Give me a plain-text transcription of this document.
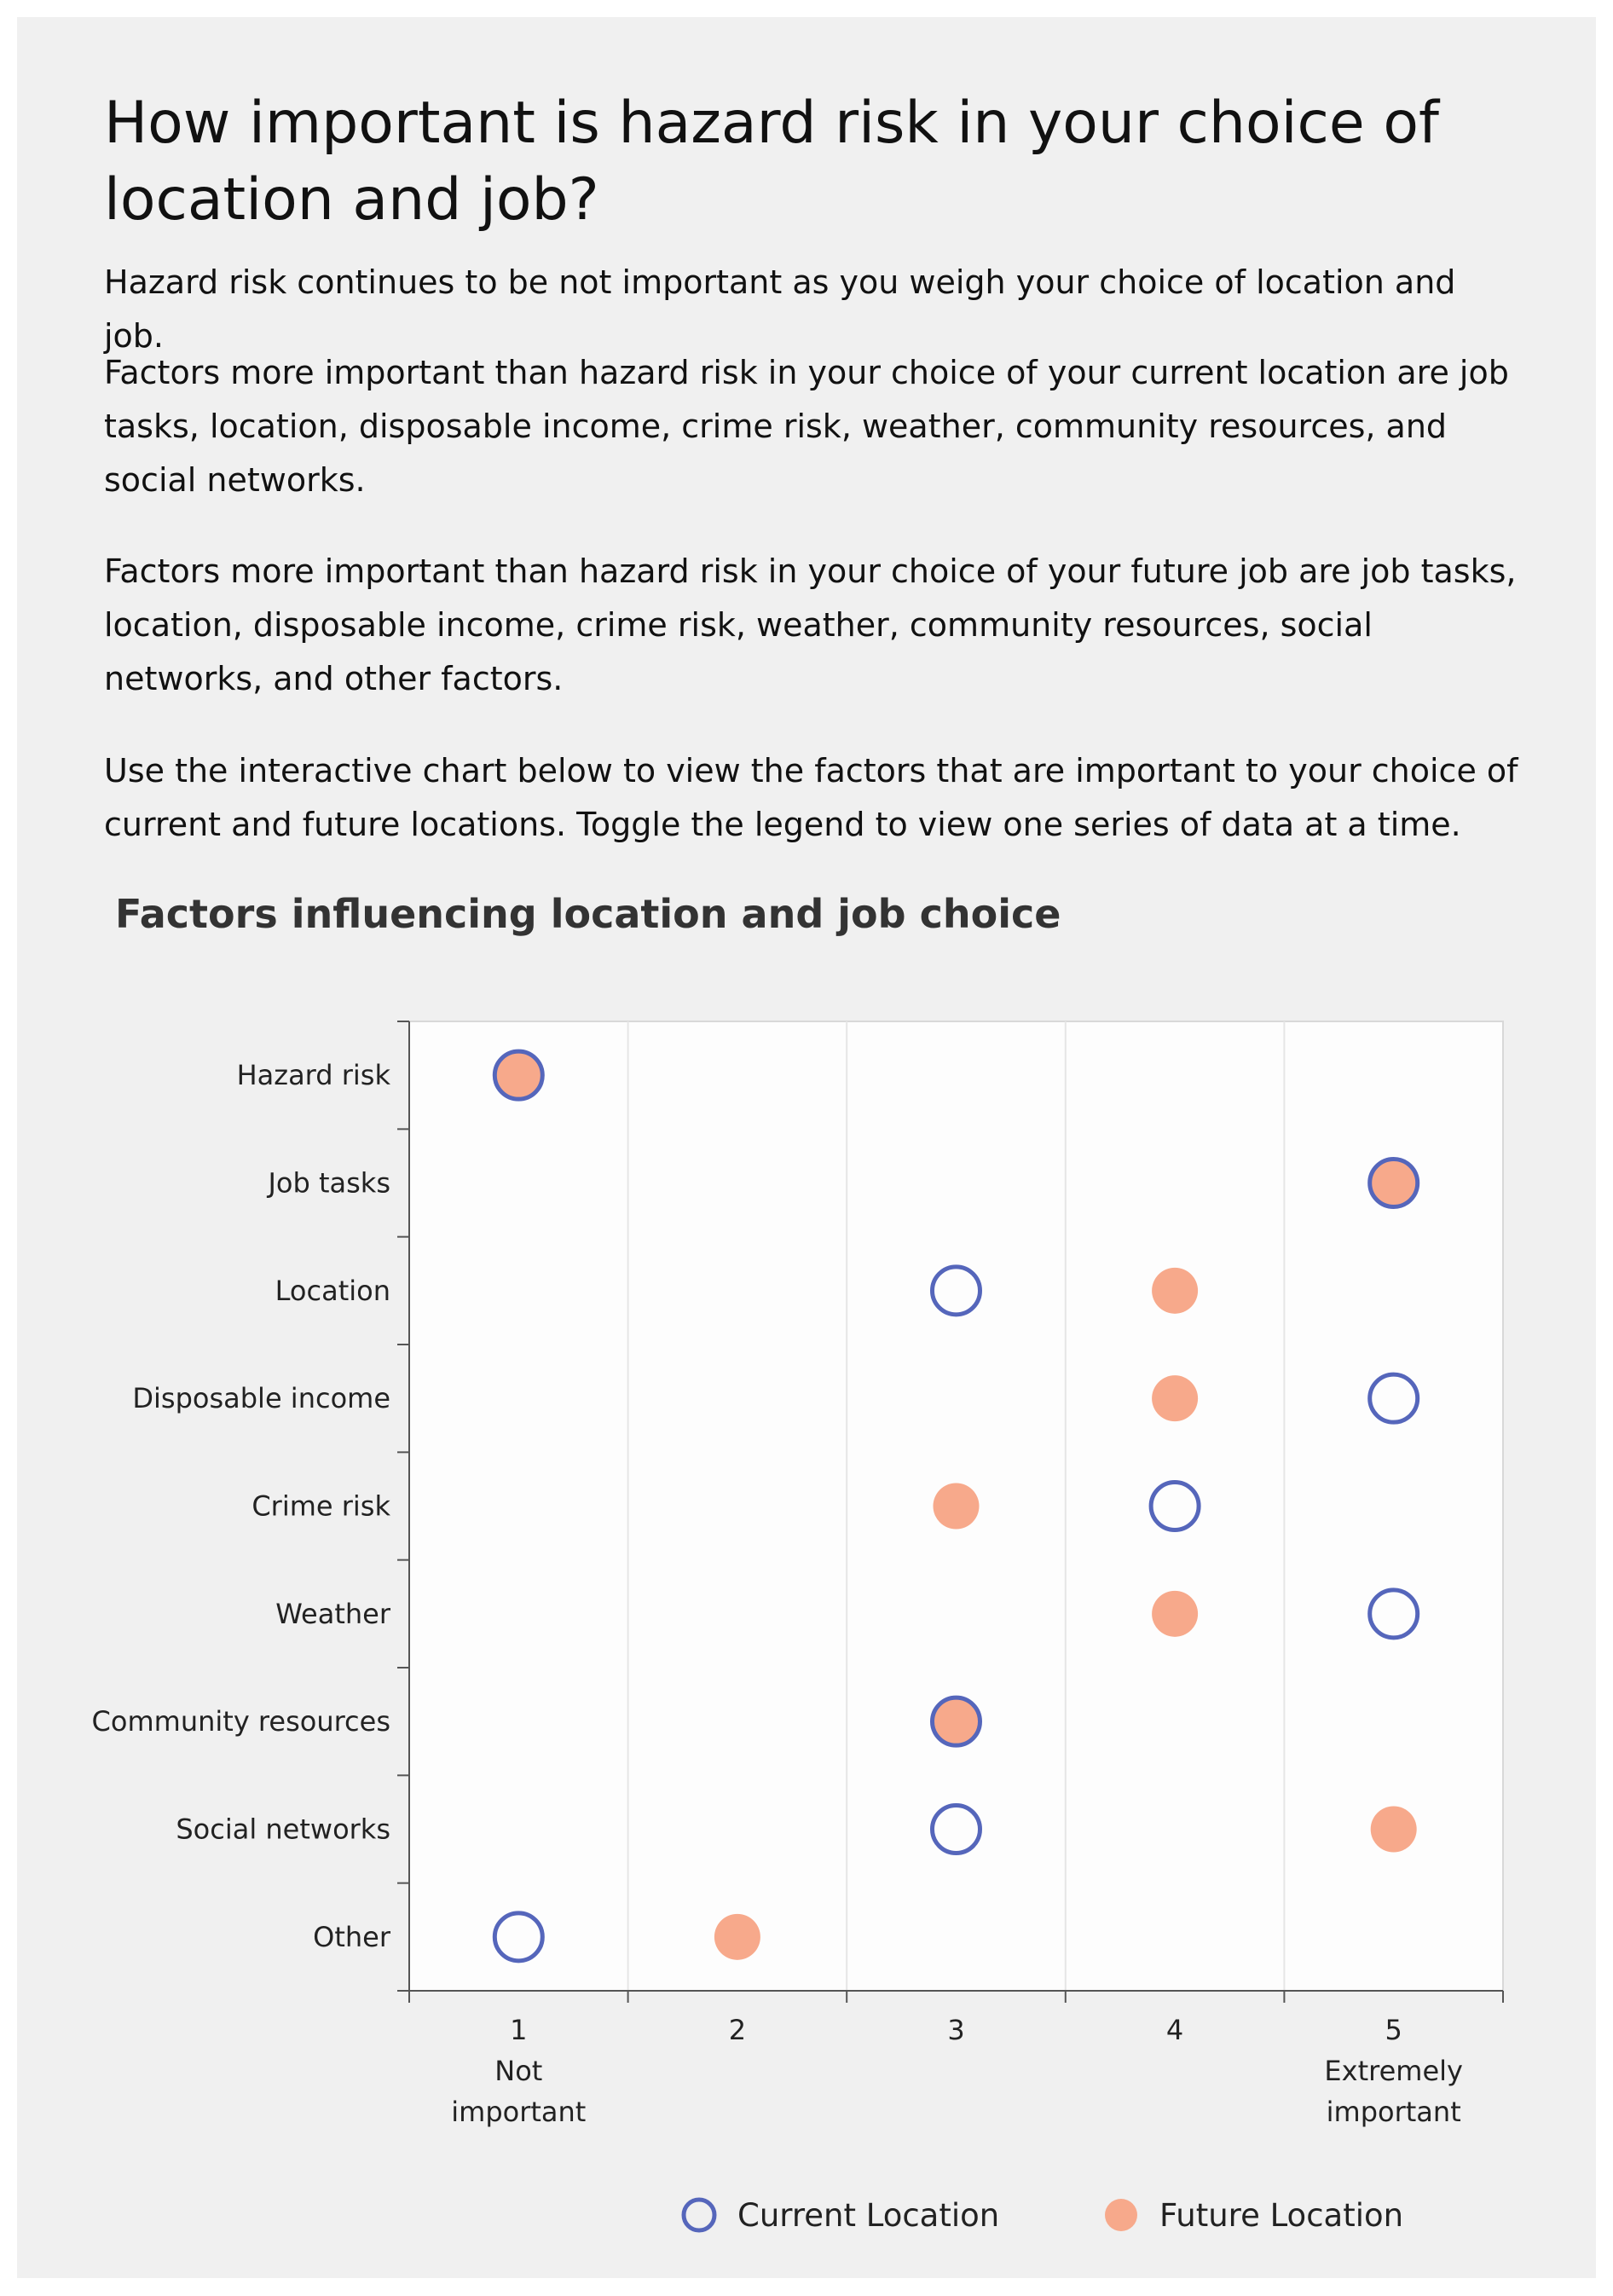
How important is hazard risk in your choice of location and job?

Hazard risk continues to be not important as you weigh your choice of location and job.

Factors more important than hazard risk in your choice of your current location are job tasks, location, disposable income, crime risk, weather, community resources, and social networks.

Factors more important than hazard risk in your choice of your future job are job tasks, location, disposable income, crime risk, weather, community resources, social networks, and other factors.

Use the interactive chart below to view the factors that are important to your choice of current and future locations. Toggle the legend to view one series of data at a time.

Factors influencing location and job choice
Hazard risk
Job tasks
Location
Disposable income
Crime risk
Weather
Community resources
Social networks
Other
1
Not
important
2	3	4	5
Extremely
important
Current Location	Future Location
